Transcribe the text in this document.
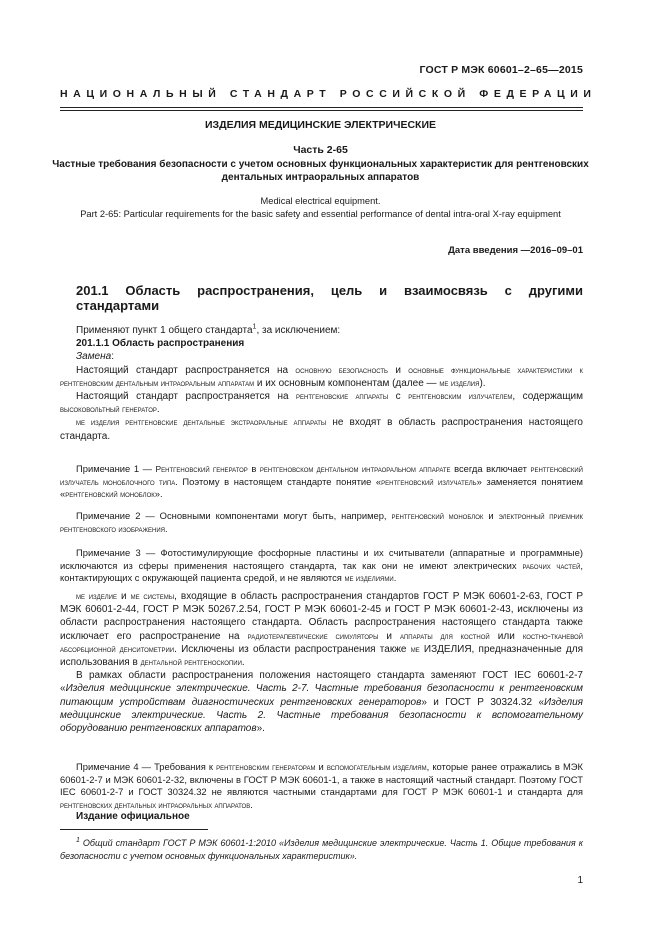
ГОСТ Р МЭК 60601–2–65—2015
НАЦИОНАЛЬНЫЙ СТАНДАРТ РОССИЙСКОЙ ФЕДЕРАЦИИ
ИЗДЕЛИЯ МЕДИЦИНСКИЕ ЭЛЕКТРИЧЕСКИЕ
Часть 2-65
Частные требования безопасности с учетом основных функциональных характеристик для рентгеновских дентальных интраоральных аппаратов
Medical electrical equipment.
Part 2-65: Particular requirements for the basic safety and essential performance of dental intra-oral X-ray equipment
Дата введения —2016–09–01
201.1 Область распространения, цель и взаимосвязь с другими
стандартами

Применяют пункт 1 общего стандарта$^1$, за исключением:

201.1.1 Область распространения

Замена:

Настоящий стандарт распространяется на основную безопасность и основные функциональные характеристики к рентгеновским дентальным интраоральным аппаратам и их основным компонентам (далее — ме изделия).

Настоящий стандарт распространяется на рентгеновские аппараты с рентгеновским излучателем, содержащим высоковольтный генератор.

ме изделия рентгеновские дентальные экстраоральные аппараты не входят в область распространения настоящего стандарта.

Примечание 1 — Рентгеновский генератор в рентгеновском дентальном интраоральном аппарате всегда включает рентгеновский излучатель моноблочного типа. Поэтому в настоящем стандарте понятие «рентгеновский излучатель» заменяется понятием «рентгеновский моноблок».

Примечание 2 — Основными компонентами могут быть, например, рентгеновский моноблок и электронный приемник рентгеновского изображения.

Примечание 3 — Фотостимулирующие фосфорные пластины и их считыватели (аппаратные и программные) исключаются из сферы применения настоящего стандарта, так как они не имеют электрических рабочих частей, контактирующих с окружающей пациента средой, и не являются ме изделиями.

ме изделие и ме системы, входящие в область распространения стандартов ГОСТ Р МЭК 60601-2-63, ГОСТ Р МЭК 60601-2-44, ГОСТ Р МЭК 50267.2.54, ГОСТ Р МЭК 60601-2-45 и ГОСТ Р МЭК 60601-2-43, исключены из области распространения настоящего стандарта. Область распространения настоящего стандарта также исключает его распространение на радиотерапевтические симуляторы и аппараты для костной или костно-тканевой абсорбционной денситометрии. Исключены из области распространения также ме ИЗДЕЛИЯ, предназначенные для использования в дентальной рентгеноскопии.

В рамках области распространения положения настоящего стандарта заменяют ГОСТ IEC 60601-2-7 «Изделия медицинские электрические. Часть 2-7. Частные требования безопасности к рентгеновским питающим устройствам диагностических рентгеновских генераторов» и ГОСТ Р 30324.32 «Изделия медицинские электрические. Часть 2. Частные требования безопасности к вспомогательному оборудованию рентгеновских аппаратов».

Примечание 4 — Требования к рентгеновским генераторам и вспомогательным изделиям, которые ранее отражались в МЭК 60601-2-7 и МЭК 60601-2-32, включены в ГОСТ Р МЭК 60601-1, а также в настоящий частный стандарт. Поэтому ГОСТ IEC 60601-2-7 и ГОСТ 30324.32 не являются частными стандартами для ГОСТ Р МЭК 60601-1 и стандарта для рентгеновских дентальных интраоральных аппаратов.

Издание официальное
$^1$ Общий стандарт ГОСТ Р МЭК 60601-1:2010 «Изделия медицинские электрические. Часть 1. Общие требования к безопасности с учетом основных функциональных характеристик».
1
